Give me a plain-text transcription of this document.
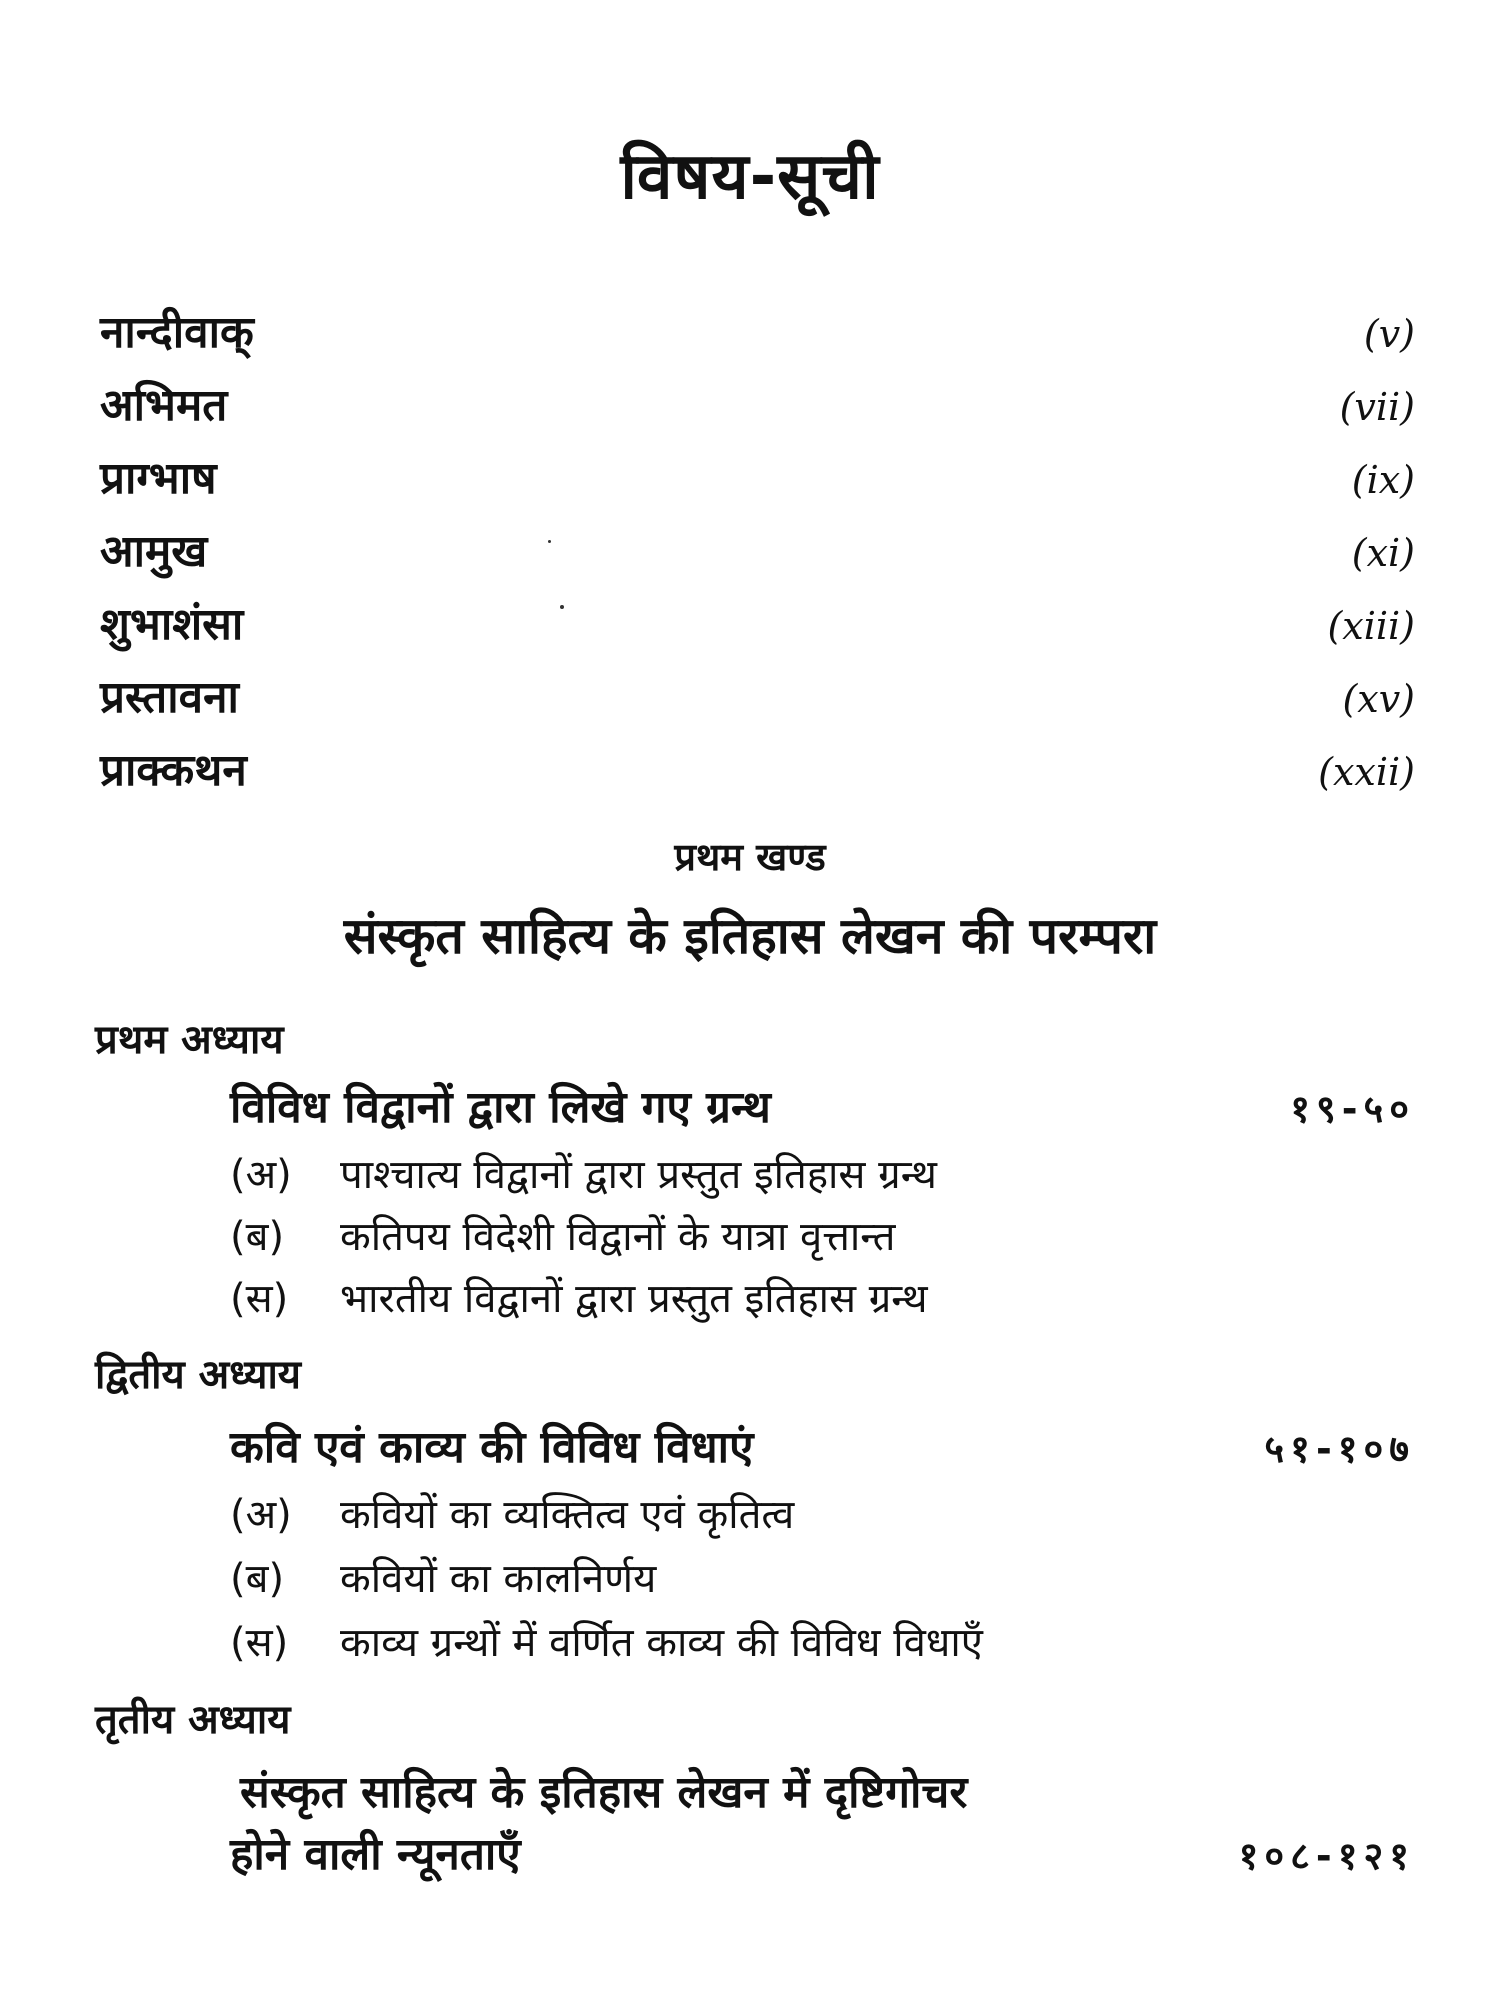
विषय-सूची
नान्दीवाक्	(v)
अभिमत	(vii)
प्राग्भाष	(ix)
आमुख	(xi)
शुभाशंसा	(xiii)
प्रस्तावना	(xv)
प्राक्कथन	(xxii)
प्रथम खण्ड
संस्कृत साहित्य के इतिहास लेखन की परम्परा
प्रथम अध्याय
विविध विद्वानों द्वारा लिखे गए ग्रन्थ	१९-५०
(अ)	पाश्चात्य विद्वानों द्वारा प्रस्तुत इतिहास ग्रन्थ
(ब)	कतिपय विदेशी विद्वानों के यात्रा वृत्तान्त
(स)	भारतीय विद्वानों द्वारा प्रस्तुत इतिहास ग्रन्थ
द्वितीय अध्याय
कवि एवं काव्य की विविध विधाएं	५१-१०७
(अ)	कवियों का व्यक्तित्व एवं कृतित्व
(ब)	कवियों का कालनिर्णय
(स)	काव्य ग्रन्थों में वर्णित काव्य की विविध विधाएँ
तृतीय अध्याय
संस्कृत साहित्य के इतिहास लेखन में दृष्टिगोचर
होने वाली न्यूनताएँ	१०८-१२१
